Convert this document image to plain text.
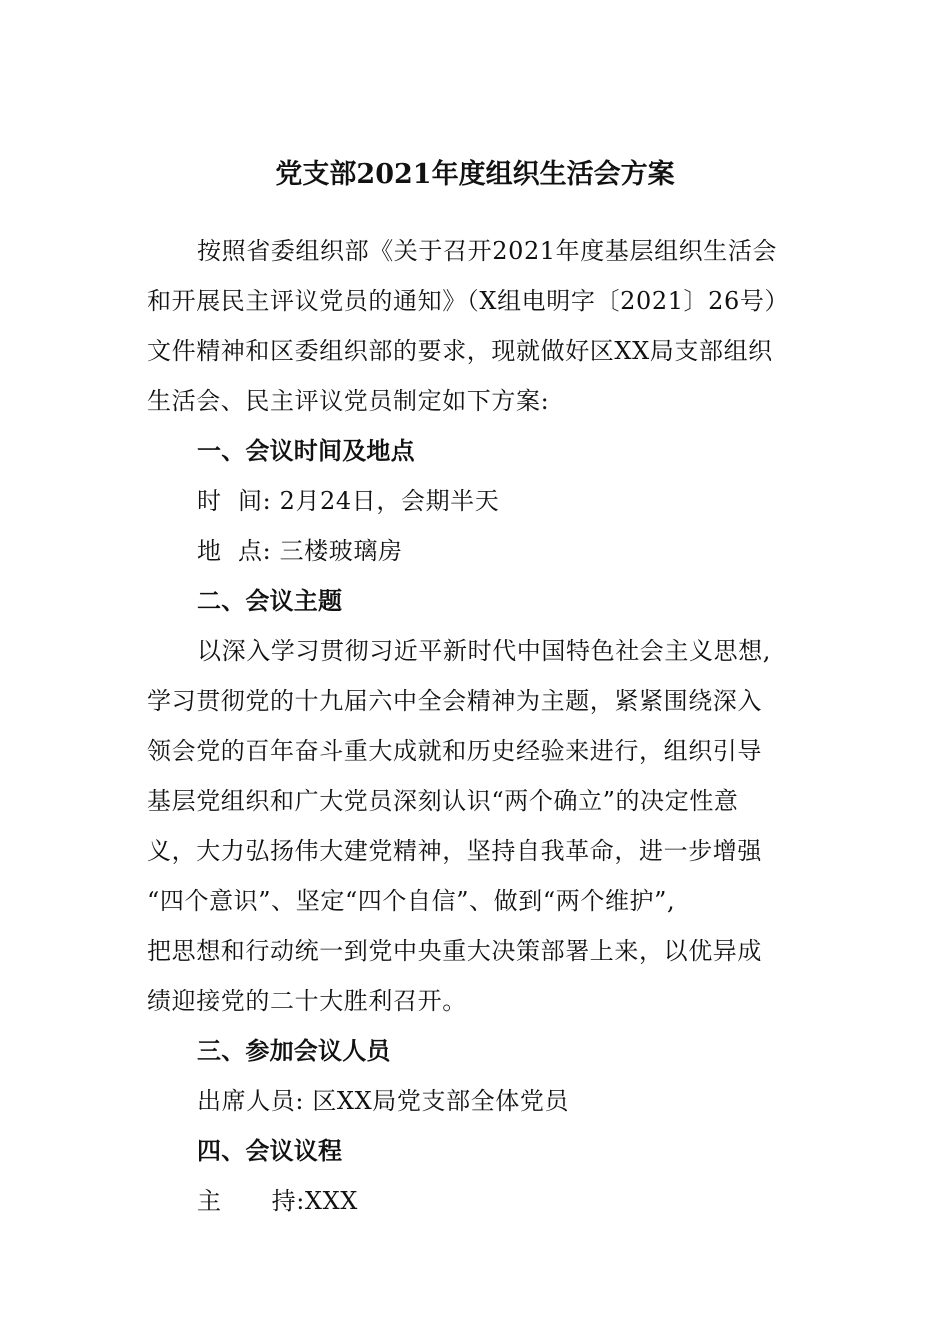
党支部2021年度组织生活会方案
按照省委组织部《关于召开2021年度基层组织生活会
和开展民主评议党员的通知》（X组电明字〔2021〕26号）
文件精神和区委组织部的要求，现就做好区XX局支部组织
生活会、民主评议党员制定如下方案:
一、会议时间及地点
时  间: 2月24日，会期半天
地  点: 三楼玻璃房
二、会议主题
以深入学习贯彻习近平新时代中国特色社会主义思想,
学习贯彻党的十九届六中全会精神为主题，紧紧围绕深入
领会党的百年奋斗重大成就和历史经验来进行，组织引导
基层党组织和广大党员深刻认识“两个确立”的决定性意
义，大力弘扬伟大建党精神，坚持自我革命，进一步增强
“四个意识”、坚定“四个自信”、做到“两个维护”,
把思想和行动统一到党中央重大决策部署上来，以优异成
绩迎接党的二十大胜利召开。
三、参加会议人员
出席人员: 区XX局党支部全体党员
四、会议议程
主 持:XXX
